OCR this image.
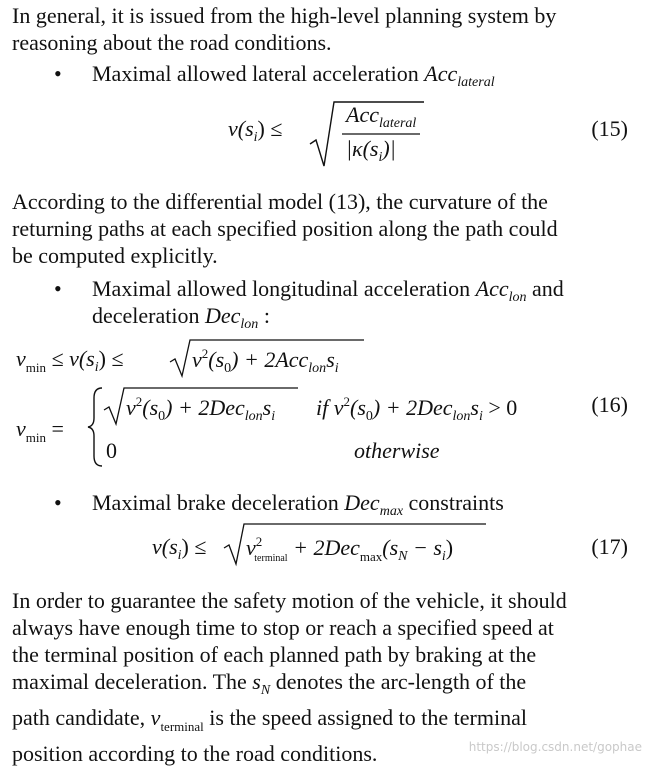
In general, it is issued from the high-level planning system by
reasoning about the road conditions.
• Maximal allowed lateral acceleration Acc$_{lateral}$
$v(s_i)$ ≤
Acc$_{lateral}$
$|\kappa(s_i)|$
(15)
According to the differential model (13), the curvature of the
returning paths at each specified position along the path could
be computed explicitly.
• Maximal allowed longitudinal acceleration Acc$_{lon}$ and
deceleration Dec$_{lon}$ :
$v_{min} \le v(s_i)$ ≤	$v^2(s_0) + 2Acc_{lon}s_i$
$v_{min}$ =
$v^2(s_0) + 2Dec_{lon}s_i$ if $v^2(s_0) + 2Dec_{lon}s_i > 0$
0	otherwise
(16)
• Maximal brake deceleration Dec$_{max}$ constraints
$v(s_i) \le v^2_{terminal} + 2Dec_{max}(s_N - s_i)$	(17)
In order to guarantee the safety motion of the vehicle, it should
always have enough time to stop or reach a specified speed at
the terminal position of each planned path by braking at the
maximal deceleration. The $s_N$ denotes the arc-length of the
path candidate, $v_{terminal}$ is the speed assigned to the terminal
position according to the road conditions.	https://blog.csdn.net/gophae
